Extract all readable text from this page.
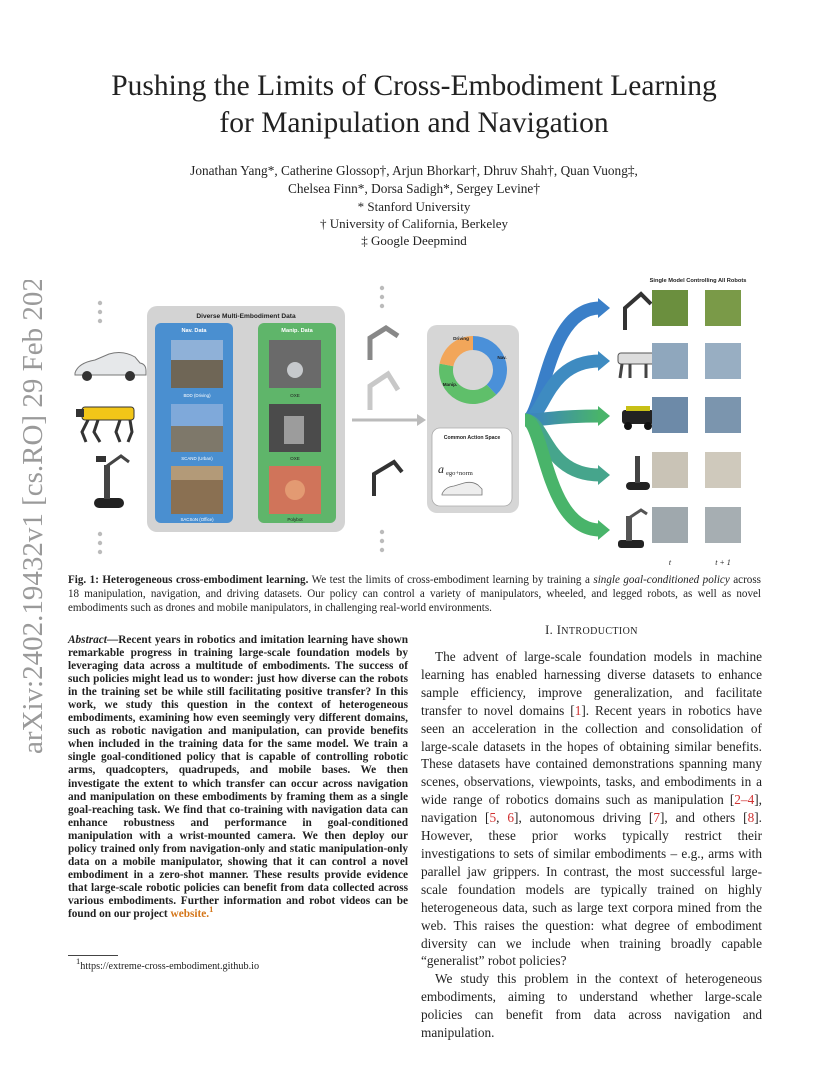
arXiv:2402.19432v1 [cs.RO] 29 Feb 2024
Pushing the Limits of Cross-Embodiment Learning
for Manipulation and Navigation
Jonathan Yang*, Catherine Glossop†, Arjun Bhorkar†, Dhruv Shah†, Quan Vuong‡,
Chelsea Finn*, Dorsa Sadigh*, Sergey Levine†
* Stanford University
† University of California, Berkeley
‡ Google Deepmind
Diverse Multi-Embodiment Data
Nav. Data	Manip. Data
BDD (Driving)
SCAND (Urban)
SACSoN (Office)
OXE
OXE
Polybot
Driving
Nav.
Manip.
Common Action Space
a ego+norm
Single Model Controlling All Robots
t	t + 1
Fig. 1: Heterogeneous cross-embodiment learning. We test the limits of cross-embodiment learning by training a single goal-conditioned policy across 18 manipulation, navigation, and driving datasets. Our policy can control a variety of manipulators, wheeled, and legged robots, as well as novel embodiments such as drones and mobile manipulators, in challenging real-world environments.
Abstract—Recent years in robotics and imitation learning have shown remarkable progress in training large-scale foundation models by leveraging data across a multitude of embodiments. The success of such policies might lead us to wonder: just how diverse can the robots in the training set be while still facilitating positive transfer? In this work, we study this question in the context of heterogeneous embodiments, examining how even seemingly very different domains, such as robotic navigation and manipulation, can provide benefits when included in the training data for the same model. We train a single goal-conditioned policy that is capable of controlling robotic arms, quadcopters, quadrupeds, and mobile bases. We then investigate the extent to which transfer can occur across navigation and manipulation on these embodiments by framing them as a single goal-reaching task. We find that co-training with navigation data can enhance robustness and performance in goal-conditioned manipulation with a wrist-mounted camera. We then deploy our policy trained only from navigation-only and static manipulation-only data on a mobile manipulator, showing that it can control a novel embodiment in a zero-shot manner. These results provide evidence that large-scale robotic policies can benefit from data collected across various embodiments. Further information and robot videos can be found on our project website.$^1$
$^1$https://extreme-cross-embodiment.github.io
I. INTRODUCTION

The advent of large-scale foundation models in machine learning has enabled harnessing diverse datasets to enhance sample efficiency, improve generalization, and facilitate transfer to novel domains [1]. Recent years in robotics have seen an acceleration in the collection and consolidation of large-scale datasets in the hopes of obtaining similar benefits. These datasets have contained demonstrations spanning many scenes, observations, viewpoints, tasks, and embodiments in a wide range of robotics domains such as manipulation [2–4], navigation [5, 6], autonomous driving [7], and others [8]. However, these prior works typically restrict their investigations to sets of similar embodiments – e.g., arms with parallel jaw grippers. In contrast, the most successful large-scale foundation models are typically trained on highly heterogeneous data, such as large text corpora mined from the web. This raises the question: what degree of embodiment diversity can we include when training broadly capable “generalist” robot policies?

We study this problem in the context of heterogeneous embodiments, aiming to understand whether large-scale policies can benefit from data across navigation and manipulation.
